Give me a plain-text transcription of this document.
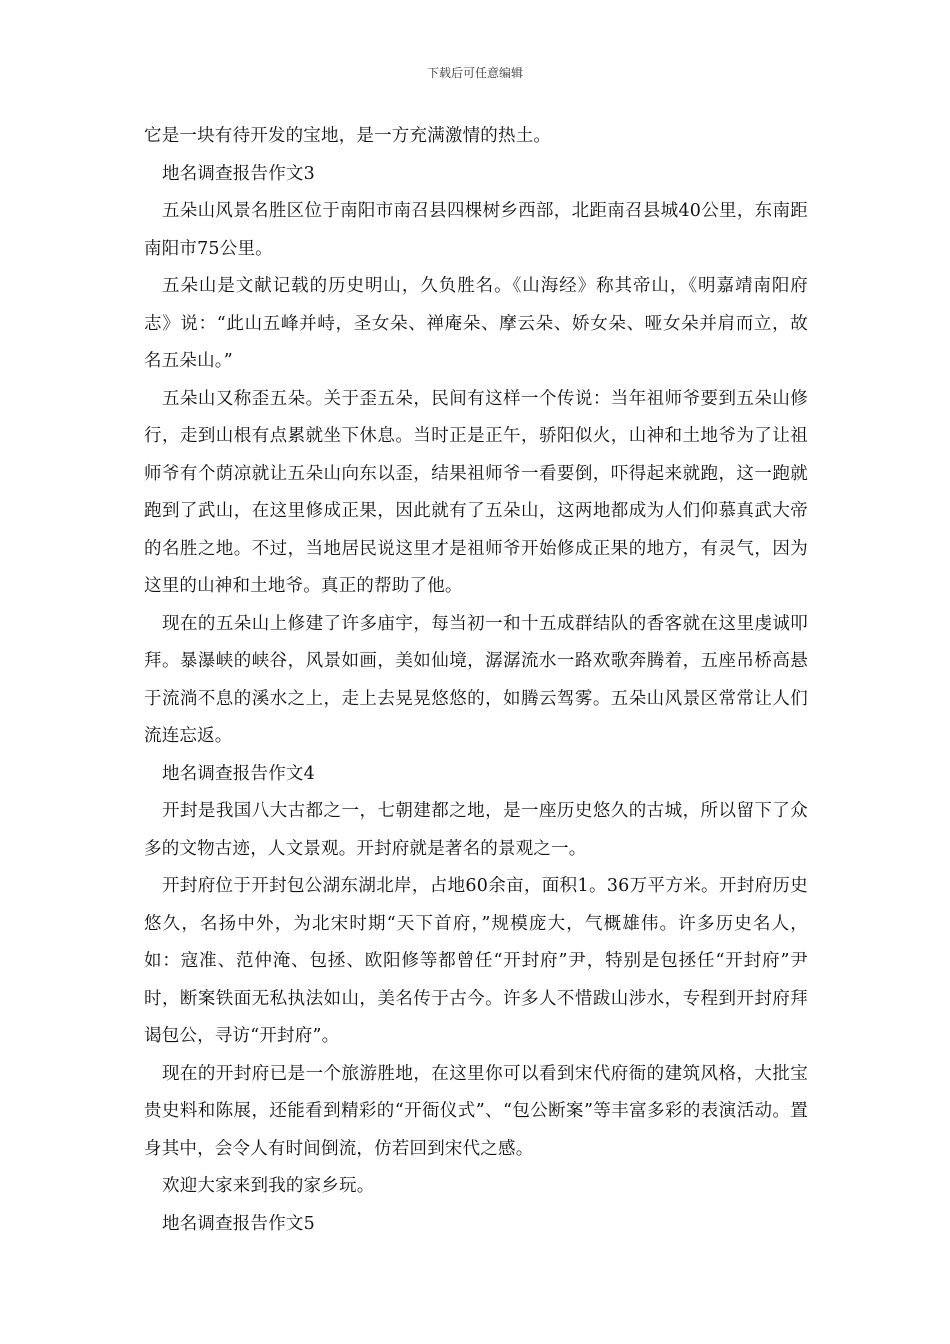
下载后可任意编辑

它是一块有待开发的宝地，是一方充满激情的热土。

地名调查报告作文3

五朵山风景名胜区位于南阳市南召县四棵树乡西部，北距南召县城40公里，东南距南阳市75公里。

五朵山是文献记载的历史明山，久负胜名。《山海经》称其帝山，《明嘉靖南阳府志》说：“此山五峰并峙，圣女朵、禅庵朵、摩云朵、娇女朵、哑女朵并肩而立，故名五朵山。”

五朵山又称歪五朵。关于歪五朵，民间有这样一个传说：当年祖师爷要到五朵山修行，走到山根有点累就坐下休息。当时正是正午，骄阳似火，山神和土地爷为了让祖师爷有个荫凉就让五朵山向东以歪，结果祖师爷一看要倒，吓得起来就跑，这一跑就跑到了武山，在这里修成正果，因此就有了五朵山，这两地都成为人们仰慕真武大帝的名胜之地。不过，当地居民说这里才是祖师爷开始修成正果的地方，有灵气，因为这里的山神和土地爷。真正的帮助了他。

现在的五朵山上修建了许多庙宇，每当初一和十五成群结队的香客就在这里虔诚叩拜。暴瀑峡的峡谷，风景如画，美如仙境，潺潺流水一路欢歌奔腾着，五座吊桥高悬于流淌不息的溪水之上，走上去晃晃悠悠的，如腾云驾雾。五朵山风景区常常让人们流连忘返。

地名调查报告作文4

开封是我国八大古都之一，七朝建都之地，是一座历史悠久的古城，所以留下了众多的文物古迹，人文景观。开封府就是著名的景观之一。

开封府位于开封包公湖东湖北岸，占地60余亩，面积1。36万平方米。开封府历史悠久，名扬中外，为北宋时期“天下首府，”规模庞大，气概雄伟。许多历史名人，如：寇准、范仲淹、包拯、欧阳修等都曾任“开封府”尹，特别是包拯任“开封府”尹时，断案铁面无私执法如山，美名传于古今。许多人不惜跋山涉水，专程到开封府拜谒包公，寻访“开封府”。

现在的开封府已是一个旅游胜地，在这里你可以看到宋代府衙的建筑风格，大批宝贵史料和陈展，还能看到精彩的“开衙仪式”、“包公断案”等丰富多彩的表演活动。置身其中，会令人有时间倒流，仿若回到宋代之感。

欢迎大家来到我的家乡玩。

地名调查报告作文5
